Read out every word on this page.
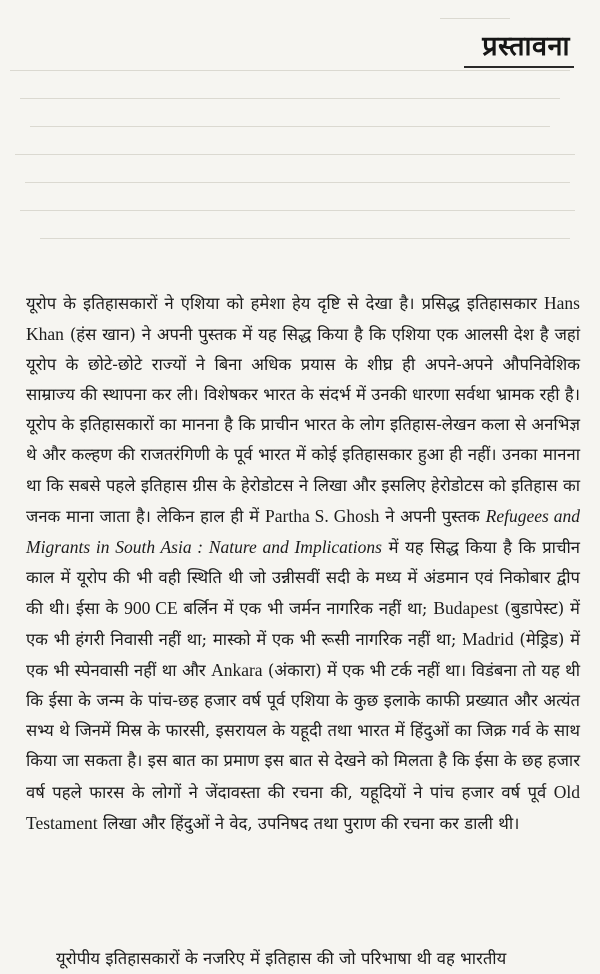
प्रस्तावना

यूरोप के इतिहासकारों ने एशिया को हमेशा हेय दृष्टि से देखा है। प्रसिद्ध इतिहासकार Hans Khan (हंस खान) ने अपनी पुस्तक में यह सिद्ध किया है कि एशिया एक आलसी देश है जहां यूरोप के छोटे-छोटे राज्यों ने बिना अधिक प्रयास के शीघ्र ही अपने-अपने औपनिवेशिक साम्राज्य की स्थापना कर ली। विशेषकर भारत के संदर्भ में उनकी धारणा सर्वथा भ्रामक रही है। यूरोप के इतिहासकारों का मानना है कि प्राचीन भारत के लोग इतिहास-लेखन कला से अनभिज्ञ थे और कल्हण की राजतरंगिणी के पूर्व भारत में कोई इतिहासकार हुआ ही नहीं। उनका मानना था कि सबसे पहले इतिहास ग्रीस के हेरोडोटस ने लिखा और इसलिए हेरोडोटस को इतिहास का जनक माना जाता है। लेकिन हाल ही में Partha S. Ghosh ने अपनी पुस्तक Refugees and Migrants in South Asia : Nature and Implications में यह सिद्ध किया है कि प्राचीन काल में यूरोप की भी वही स्थिति थी जो उन्नीसवीं सदी के मध्य में अंडमान एवं निकोबार द्वीप की थी। ईसा के 900 CE बर्लिन में एक भी जर्मन नागरिक नहीं था; Budapest (बुडापेस्ट) में एक भी हंगरी निवासी नहीं था; मास्को में एक भी रूसी नागरिक नहीं था; Madrid (मेड्रिड) में एक भी स्पेनवासी नहीं था और Ankara (अंकारा) में एक भी टर्क नहीं था। विडंबना तो यह थी कि ईसा के जन्म के पांच-छह हजार वर्ष पूर्व एशिया के कुछ इलाके काफी प्रख्यात और अत्यंत सभ्य थे जिनमें मिस्र के फारसी, इसरायल के यहूदी तथा भारत में हिंदुओं का जिक्र गर्व के साथ किया जा सकता है। इस बात का प्रमाण इस बात से देखने को मिलता है कि ईसा के छह हजार वर्ष पहले फारस के लोगों ने जेंदावस्ता की रचना की, यहूदियों ने पांच हजार वर्ष पूर्व Old Testament लिखा और हिंदुओं ने वेद, उपनिषद तथा पुराण की रचना कर डाली थी।

यूरोपीय इतिहासकारों के नजरिए में इतिहास की जो परिभाषा थी वह भारतीय
